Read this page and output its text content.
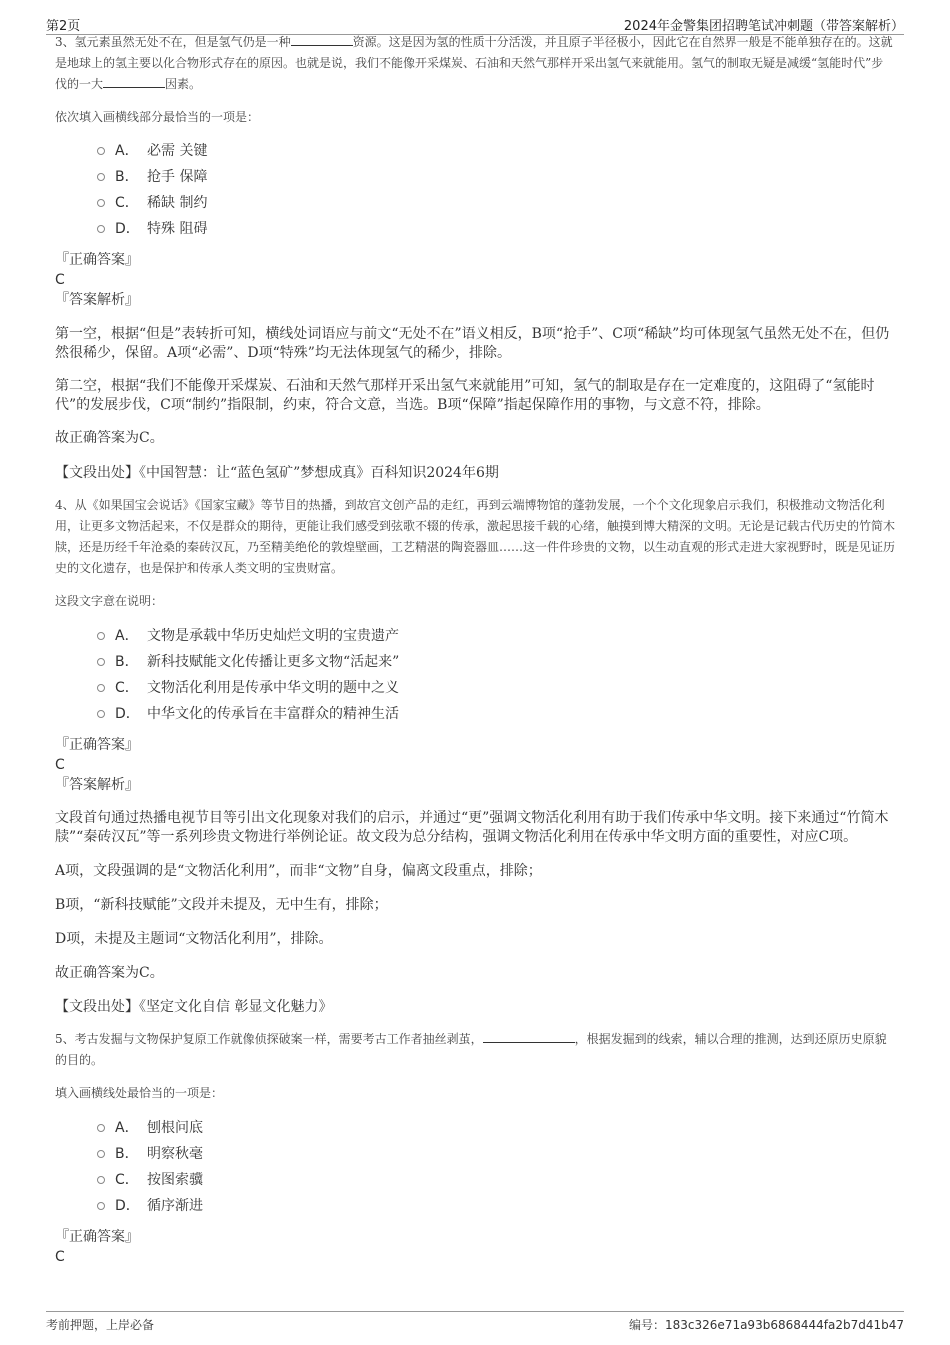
第2页	2024年金警集团招聘笔试冲刺题（带答案解析）
3、氢元素虽然无处不在，但是氢气仍是一种	资源。这是因为氢的性质十分活泼，并且原子半径极小，因此它在自然界一般是不能单独存在的。这就是地球上的氢主要以化合物形式存在的原因。也就是说，我们不能像开采煤炭、石油和天然气那样开采出氢气来就能用。氢气的制取无疑是减缓“氢能时代”步伐的一大	因素。
依次填入画横线部分最恰当的一项是：
A． 必需 关键
B． 抢手 保障
C． 稀缺 制约
D． 特殊 阻碍
『正确答案』
C
『答案解析』
第一空，根据“但是”表转折可知，横线处词语应与前文“无处不在”语义相反，B项“抢手”、C项“稀缺”均可体现氢气虽然无处不在，但仍然很稀少，保留。A项“必需”、D项“特殊”均无法体现氢气的稀少，排除。
第二空，根据“我们不能像开采煤炭、石油和天然气那样开采出氢气来就能用”可知，氢气的制取是存在一定难度的，这阻碍了“氢能时代”的发展步伐，C项“制约”指限制，约束，符合文意，当选。B项“保障”指起保障作用的事物，与文意不符，排除。
故正确答案为C。
【文段出处】《中国智慧：让“蓝色氢矿”梦想成真》百科知识2024年6期
4、从《如果国宝会说话》《国家宝藏》等节目的热播，到故宫文创产品的走红，再到云端博物馆的蓬勃发展，一个个文化现象启示我们，积极推动文物活化利用，让更多文物活起来，不仅是群众的期待，更能让我们感受到弦歌不辍的传承，激起思接千载的心绪，触摸到博大精深的文明。无论是记载古代历史的竹简木牍，还是历经千年沧桑的秦砖汉瓦，乃至精美绝伦的敦煌壁画，工艺精湛的陶瓷器皿……这一件件珍贵的文物，以生动直观的形式走进大家视野时，既是见证历史的文化遗存，也是保护和传承人类文明的宝贵财富。
这段文字意在说明：
A． 文物是承载中华历史灿烂文明的宝贵遗产
B． 新科技赋能文化传播让更多文物“活起来”
C． 文物活化利用是传承中华文明的题中之义
D． 中华文化的传承旨在丰富群众的精神生活
『正确答案』
C
『答案解析』
文段首句通过热播电视节目等引出文化现象对我们的启示，并通过“更”强调文物活化利用有助于我们传承中华文明。接下来通过“竹简木牍”“秦砖汉瓦”等一系列珍贵文物进行举例论证。故文段为总分结构，强调文物活化利用在传承中华文明方面的重要性，对应C项。
A项，文段强调的是“文物活化利用”，而非“文物”自身，偏离文段重点，排除；
B项，“新科技赋能”文段并未提及，无中生有，排除；
D项，未提及主题词“文物活化利用”，排除。
故正确答案为C。
【文段出处】《坚定文化自信 彰显文化魅力》
5、考古发掘与文物保护复原工作就像侦探破案一样，需要考古工作者抽丝剥茧，	，根据发掘到的线索，辅以合理的推测，达到还原历史原貌的目的。
填入画横线处最恰当的一项是：
A． 刨根问底
B． 明察秋毫
C． 按图索骥
D． 循序渐进
『正确答案』
C
考前押题，上岸必备	编号：183c326e71a93b6868444fa2b7d41b47
